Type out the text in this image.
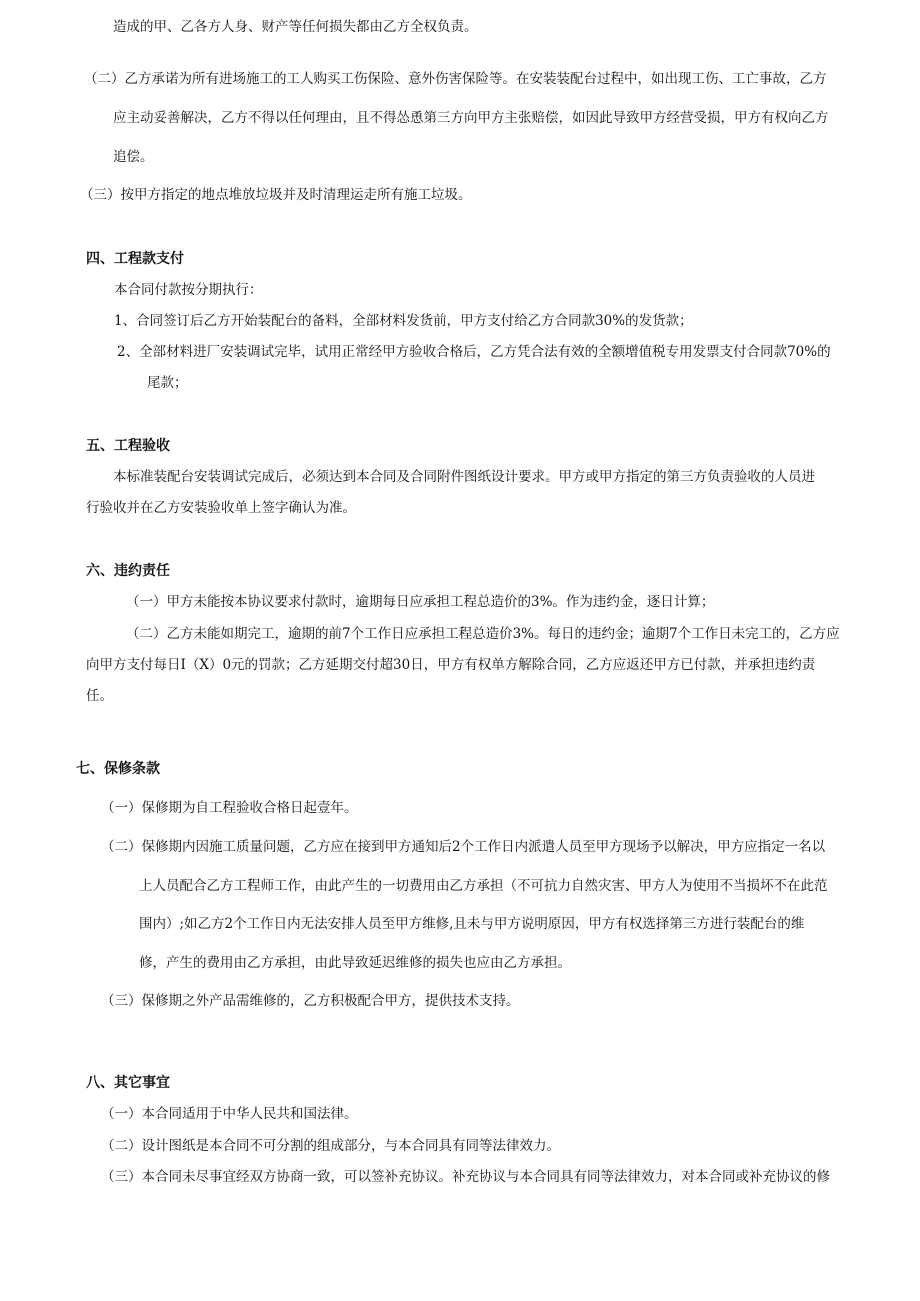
造成的甲、乙各方人身、财产等任何损失都由乙方全权负责。
（二）乙方承诺为所有进场施工的工人购买工伤保险、意外伤害保险等。在安装装配台过程中，如出现工伤、工亡事故，乙方
应主动妥善解决，乙方不得以任何理由，且不得怂恿第三方向甲方主张赔偿，如因此导致甲方经营受损，甲方有权向乙方
追偿。
（三）按甲方指定的地点堆放垃圾并及时清理运走所有施工垃圾。
四、工程款支付
本合同付款按分期执行：
1、合同签订后乙方开始装配台的备料，全部材料发货前，甲方支付给乙方合同款30%的发货款；
2、全部材料进厂安装调试完毕，试用正常经甲方验收合格后，乙方凭合法有效的全额增值税专用发票支付合同款70%的
尾款；
五、工程验收
本标准装配台安装调试完成后，必须达到本合同及合同附件图纸设计要求。甲方或甲方指定的第三方负责验收的人员进
行验收并在乙方安装验收单上签字确认为准。
六、违约责任
（一）甲方未能按本协议要求付款时，逾期每日应承担工程总造价的3%。作为违约金，逐日计算；
（二）乙方未能如期完工，逾期的前7个工作日应承担工程总造价3%。每日的违约金；逾期7个工作日未完工的，乙方应
向甲方支付每日I（X）0元的罚款；乙方延期交付超30日，甲方有权单方解除合同，乙方应返还甲方已付款，并承担违约责
任。
七、保修条款
（一）保修期为自工程验收合格日起壹年。
（二）保修期内因施工质量问题，乙方应在接到甲方通知后2个工作日内派遣人员至甲方现场予以解决，甲方应指定一名以
上人员配合乙方工程师工作，由此产生的一切费用由乙方承担（不可抗力自然灾害、甲方人为使用不当损坏不在此范
围内）;如乙方2个工作日内无法安排人员至甲方维修,且未与甲方说明原因，甲方有权选择第三方进行装配台的维
修，产生的费用由乙方承担，由此导致延迟维修的损失也应由乙方承担。
（三）保修期之外产品需维修的，乙方积极配合甲方，提供技术支持。
八、其它事宜
（一）本合同适用于中华人民共和国法律。
（二）设计图纸是本合同不可分割的组成部分，与本合同具有同等法律效力。
（三）本合同未尽事宜经双方协商一致，可以签补充协议。补充协议与本合同具有同等法律效力，对本合同或补充协议的修
